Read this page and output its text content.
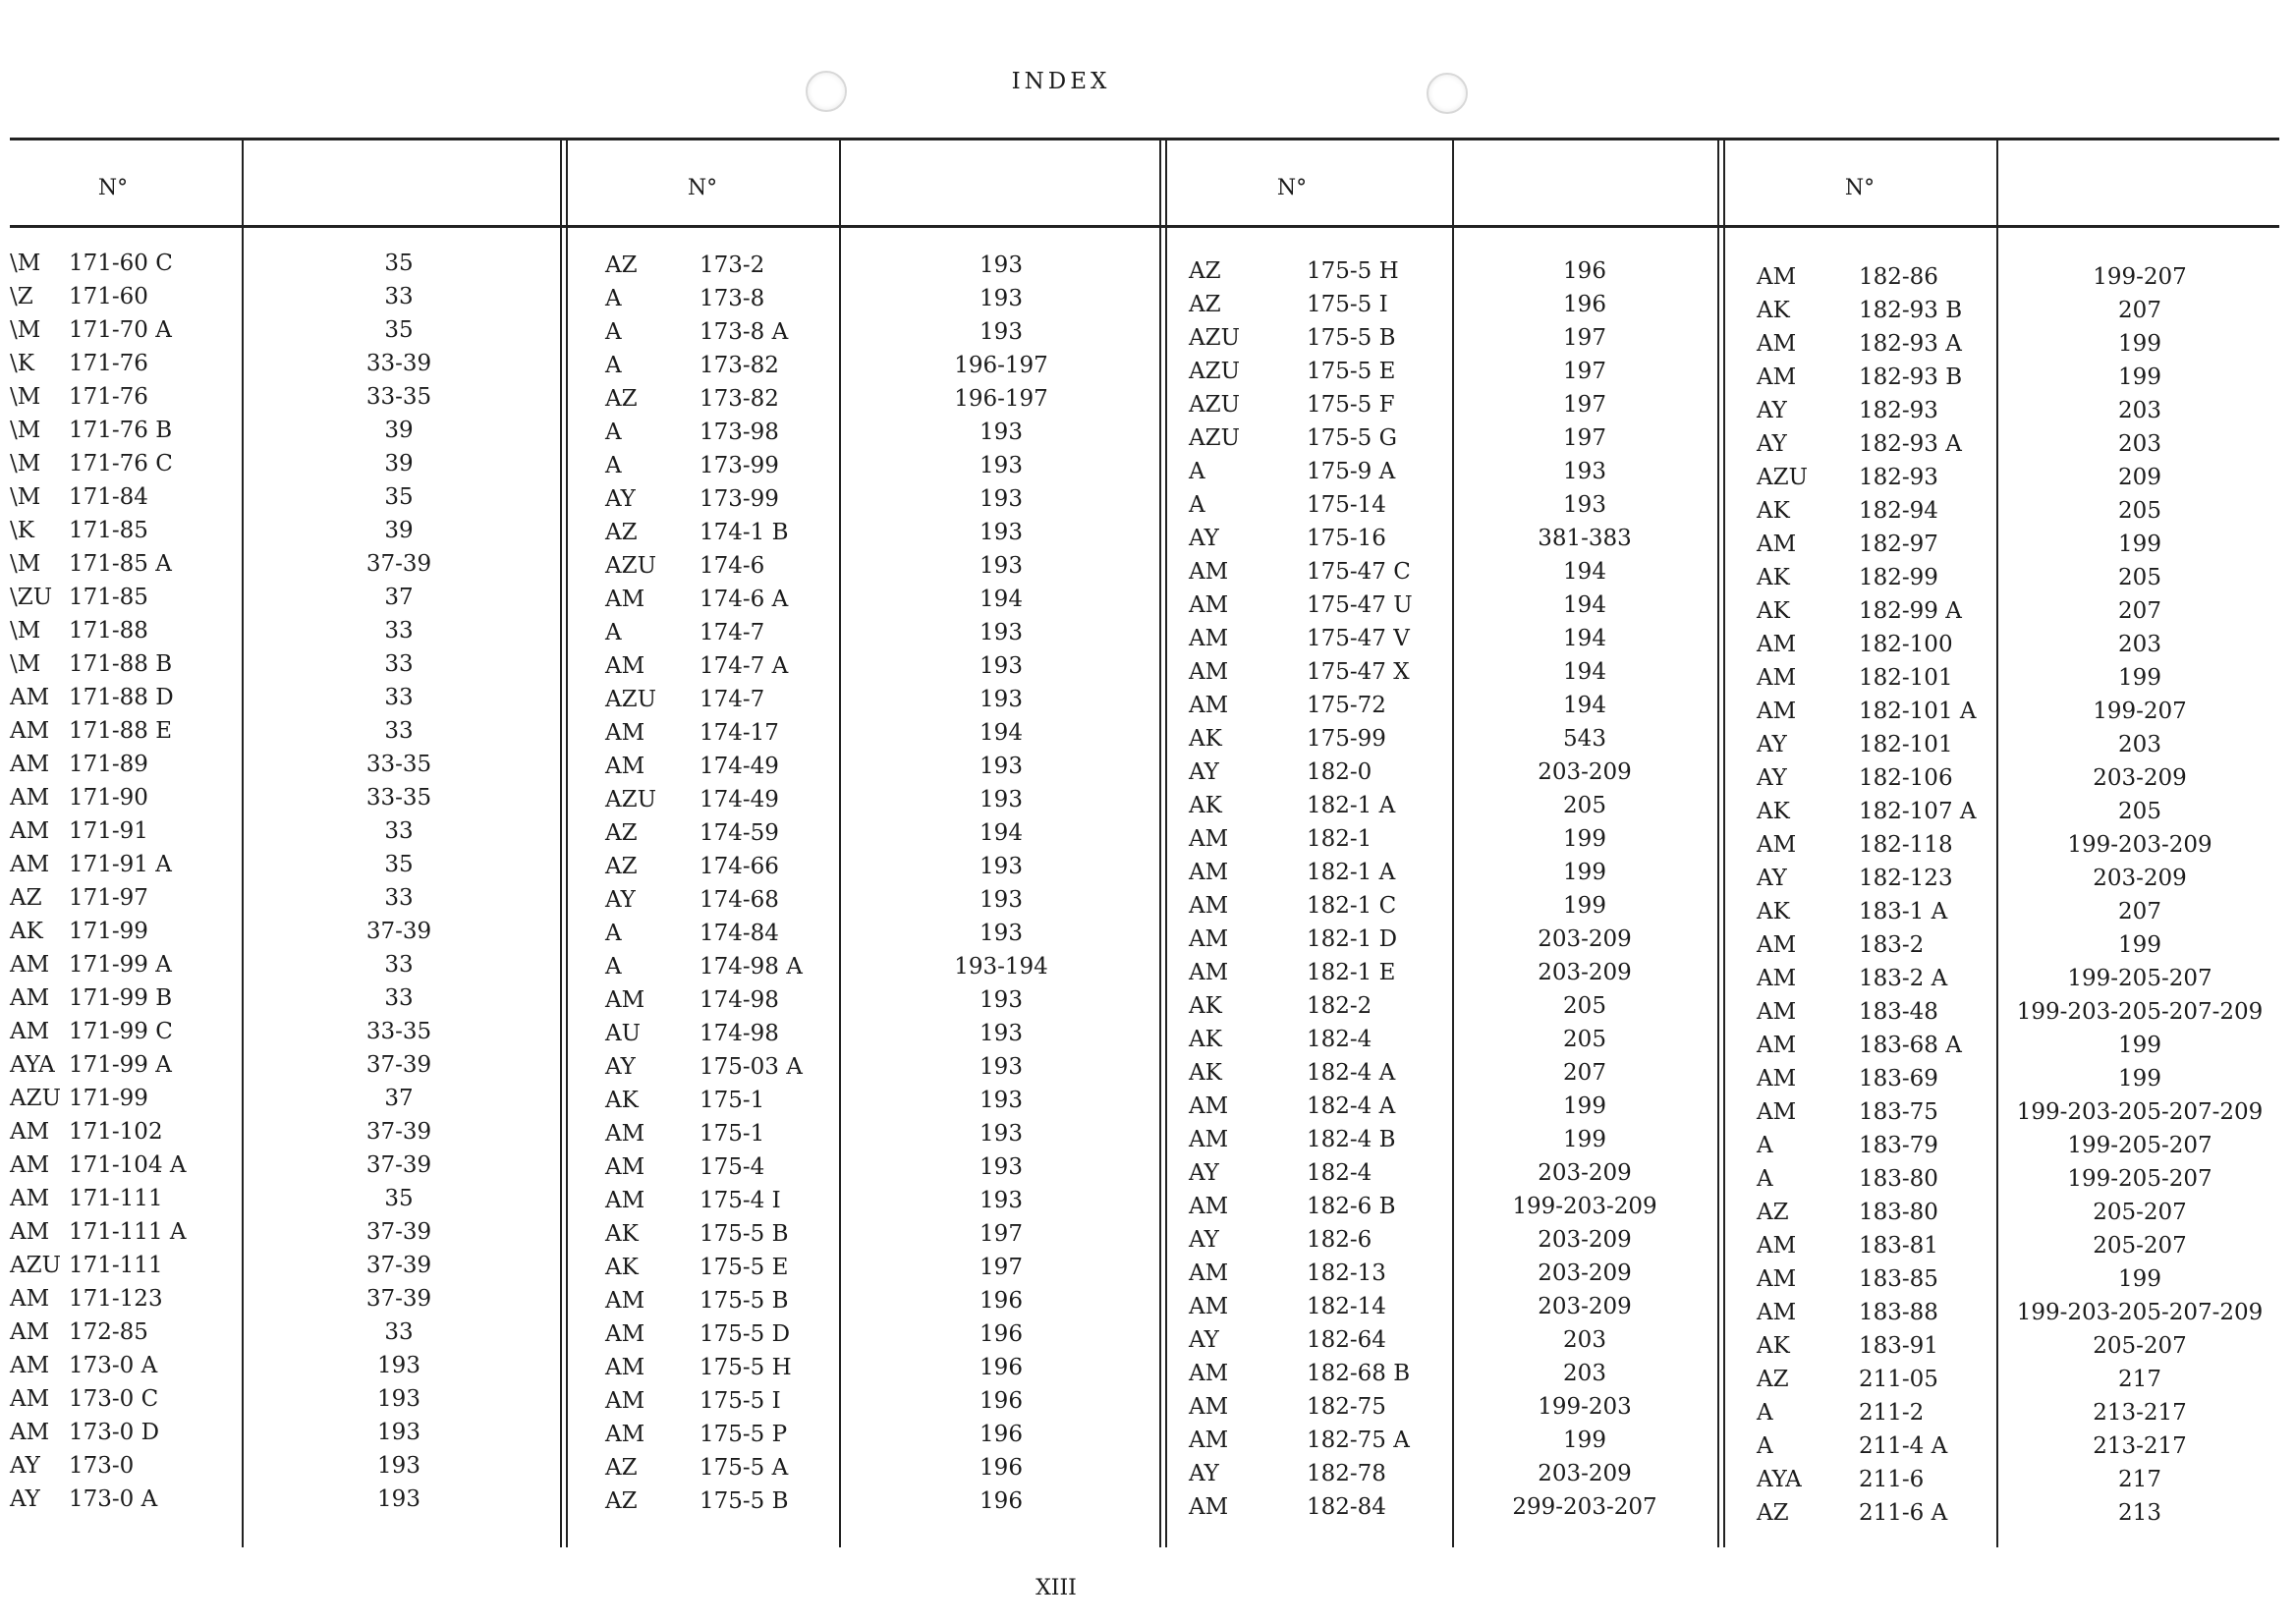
INDEX
N°	N°	N°	N°
\M 171-60 C	35
\Z 171-60	33
\M 171-70 A	35
\K 171-76	33-39
\M 171-76	33-35
\M 171-76 B	39
\M 171-76 C	39
\M 171-84	35
\K 171-85	39
\M 171-85 A	37-39
\ZU 171-85	37
\M 171-88	33
\M 171-88 B	33
AM 171-88 D	33
AM 171-88 E	33
AM 171-89	33-35
AM 171-90	33-35
AM 171-91	33
AM 171-91 A	35
AZ 171-97	33
AK 171-99	37-39
AM 171-99 A	33
AM 171-99 B	33
AM 171-99 C	33-35
AYA 171-99 A	37-39
AZU 171-99	37
AM 171-102	37-39
AM 171-104 A	37-39
AM 171-111	35
AM 171-111 A	37-39
AZU 171-111	37-39
AM 171-123	37-39
AM 172-85	33
AM 173-0 A	193
AM 173-0 C	193
AM 173-0 D	193
AY 173-0	193
AY 173-0 A	193
AZ	173-2	193
A	173-8	193
A	173-8 A	193
A	173-82	196-197
AZ	173-82	196-197
A	173-98	193
A	173-99	193
AY	173-99	193
AZ	174-1 B	193
AZU 174-6	193
AM 174-6 A	194
A	174-7	193
AM 174-7 A	193
AZU 174-7	193
AM 174-17	194
AM 174-49	193
AZU 174-49	193
AZ	174-59	194
AZ	174-66	193
AY	174-68	193
A	174-84	193
A	174-98 A	193-194
AM 174-98	193
AU	174-98	193
AY	175-03 A	193
AK	175-1	193
AM 175-1	193
AM 175-4	193
AM 175-4 I	193
AK	175-5 B	197
AK	175-5 E	197
AM 175-5 B	196
AM 175-5 D	196
AM 175-5 H	196
AM 175-5 I	196
AM 175-5 P	196
AZ	175-5 A	196
AZ	175-5 B	196
AZ	175-5 H	196
AZ	175-5 I	196
AZU	175-5 B	197
AZU	175-5 E	197
AZU	175-5 F	197
AZU	175-5 G	197
A	175-9 A	193
A	175-14	193
AY	175-16	381-383
AM	175-47 C	194
AM	175-47 U	194
AM	175-47 V	194
AM	175-47 X	194
AM	175-72	194
AK	175-99	543
AY	182-0	203-209
AK	182-1 A	205
AM	182-1	199
AM	182-1 A	199
AM	182-1 C	199
AM	182-1 D	203-209
AM	182-1 E	203-209
AK	182-2	205
AK	182-4	205
AK	182-4 A	207
AM	182-4 A	199
AM	182-4 B	199
AY	182-4	203-209
AM	182-6 B	199-203-209
AY	182-6	203-209
AM	182-13	203-209
AM	182-14	203-209
AY	182-64	203
AM	182-68 B	203
AM	182-75	199-203
AM	182-75 A	199
AY	182-78	203-209
AM	182-84	299-203-207
AM	182-86	199-207
AK	182-93 B	207
AM	182-93 A	199
AM	182-93 B	199
AY	182-93	203
AY	182-93 A	203
AZU 182-93	209
AK	182-94	205
AM	182-97	199
AK	182-99	205
AK	182-99 A	207
AM	182-100	203
AM	182-101	199
AM	182-101 A	199-207
AY	182-101	203
AY	182-106	203-209
AK	182-107 A	205
AM	182-118	199-203-209
AY	182-123	203-209
AK	183-1 A	207
AM	183-2	199
AM	183-2 A	199-205-207
AM	183-48	199-203-205-207-209
AM	183-68 A	199
AM	183-69	199
AM	183-75	199-203-205-207-209
A	183-79	199-205-207
A	183-80	199-205-207
AZ	183-80	205-207
AM	183-81	205-207
AM	183-85	199
AM	183-88	199-203-205-207-209
AK	183-91	205-207
AZ	211-05	217
A	211-2	213-217
A	211-4 A	213-217
AYA	211-6	217
AZ	211-6 A	213
XIII
